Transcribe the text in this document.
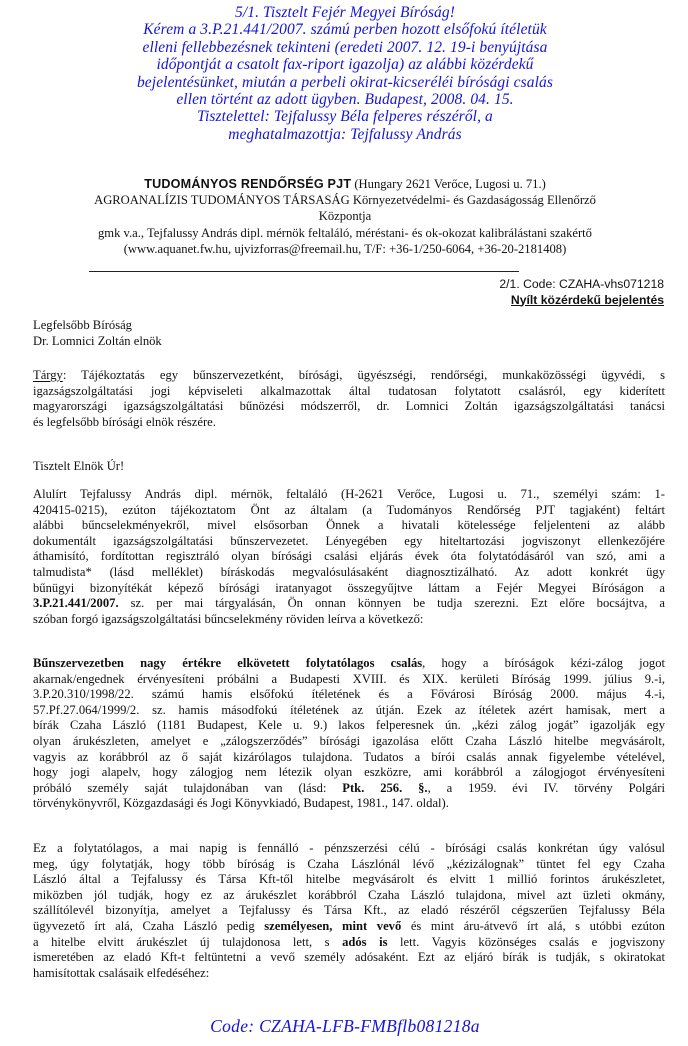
5/1. Tisztelt Fejér Megyei Bíróság!

Kérem a 3.P.21.441/2007. számú perben hozott elsőfokú ítéletük

elleni fellebbezésnek tekinteni (eredeti 2007. 12. 19-i benyújtása

időpontját a csatolt fax-riport igazolja) az alábbi közérdekű

bejelentésünket, miután a perbeli okirat-kicseréléi bírósági csalás

ellen történt az adott ügyben. Budapest, 2008. 04. 15.

Tisztelettel: Tejfalussy Béla felperes részéről, a

meghatalmazottja: Tejfalussy András

TUDOMÁNYOS RENDŐRSÉG PJT (Hungary 2621 Verőce, Lugosi u. 71.)

AGROANALÍZIS TUDOMÁNYOS TÁRSASÁG Környezetvédelmi- és Gazdaságosság Ellenőrző

Központja

gmk v.a., Tejfalussy András dipl. mérnök feltaláló, méréstani- és ok-okozat kalibrálástani szakértő

(www.aquanet.fw.hu, ujvizforras@freemail.hu, T/F: +36-1/250-6064, +36-20-2181408)

2/1. Code: CZAHA-vhs071218
Nyílt közérdekű bejelentés
Legfelsőbb Bíróság
Dr. Lomnici Zoltán elnök
Tárgy: Tájékoztatás egy bűnszervezetként, bírósági, ügyészségi, rendőrségi, munkaközösségi ügyvédi, s
igazságszolgáltatási jogi képviseleti alkalmazottak által tudatosan folytatott csalásról, egy kiderített
magyarországi igazságszolgáltatási bűnözési módszerről, dr. Lomnici Zoltán igazságszolgáltatási tanácsi
és legfelsőbb bírósági elnök részére.
Tisztelt Elnök Úr!
Alulírt Tejfalussy András dipl. mérnök, feltaláló (H-2621 Verőce, Lugosi u. 71., személyi szám: 1-
420415-0215), ezúton tájékoztatom Önt az általam (a Tudományos Rendőrség PJT tagjaként) feltárt
alábbi bűncselekményekről, mivel elsősorban Önnek a hivatali kötelessége feljelenteni az alább
dokumentált igazságszolgáltatási bűnszervezetet. Lényegében egy hiteltartozási jogviszonyt ellenkezőjére
áthamisító, fordítottan regisztráló olyan bírósági csalási eljárás évek óta folytatódásáról van szó, ami a
talmudista* (lásd melléklet) bíráskodás megvalósulásaként diagnosztizálható. Az adott konkrét ügy
bűnügyi bizonyítékát képező bírósági iratanyagot összegyűjtve láttam a Fejér Megyei Bíróságon a
3.P.21.441/2007. sz. per mai tárgyalásán, Ön onnan könnyen be tudja szerezni. Ezt előre bocsájtva, a
szóban forgó igazságszolgáltatási bűncselekmény röviden leírva a következő:
Bűnszervezetben nagy értékre elkövetett folytatólagos csalás, hogy a bíróságok kézi-zálog jogot
akarnak/engednek érvényesíteni próbálni a Budapesti XVIII. és XIX. kerületi Bíróság 1999. július 9.-i,
3.P.20.310/1998/22. számú hamis elsőfokú ítéletének és a Fővárosi Bíróság 2000. május 4.-i,
57.Pf.27.064/1999/2. sz. hamis másodfokú ítéletének az útján. Ezek az ítéletek azért hamisak, mert a
bírák Czaha László (1181 Budapest, Kele u. 9.) lakos felperesnek ún. „kézi zálog jogát” igazolják egy
olyan árukészleten, amelyet e „zálogszerződés” bírósági igazolása előtt Czaha László hitelbe megvásárolt,
vagyis az korábbról az ő saját kizárólagos tulajdona. Tudatos a bírói csalás annak figyelembe vételével,
hogy jogi alapelv, hogy zálogjog nem létezik olyan eszközre, ami korábbról a zálogjogot érvényesíteni
próbáló személy saját tulajdonában van (lásd: Ptk. 256. §., a 1959. évi IV. törvény Polgári
törvénykönyvről, Közgazdasági és Jogi Könyvkiadó, Budapest, 1981., 147. oldal).
Ez a folytatólagos, a mai napig is fennálló - pénzszerzési célú - bírósági csalás konkrétan úgy valósul
meg, úgy folytatják, hogy több bíróság is Czaha Lászlónál lévő „kézizálognak” tüntet fel egy Czaha
László által a Tejfalussy és Társa Kft-től hitelbe megvásárolt és elvitt 1 millió forintos árukészletet,
miközben jól tudják, hogy ez az árukészlet korábbról Czaha László tulajdona, mivel azt üzleti okmány,
szállítólevél bizonyítja, amelyet a Tejfalussy és Társa Kft., az eladó részéről cégszerűen Tejfalussy Béla
ügyvezető írt alá, Czaha László pedig személyesen, mint vevő és mint áru-átvevő írt alá, s utóbbi ezúton
a hitelbe elvitt árukészlet új tulajdonosa lett, s adós is lett. Vagyis közönséges csalás e jogviszony
ismeretében az eladó Kft-t feltüntetni a vevő személy adósaként. Ezt az eljáró bírák is tudják, s okiratokat
hamisítottak csalásaik elfedéséhez:
Code: CZAHA-LFB-FMBflb081218a
